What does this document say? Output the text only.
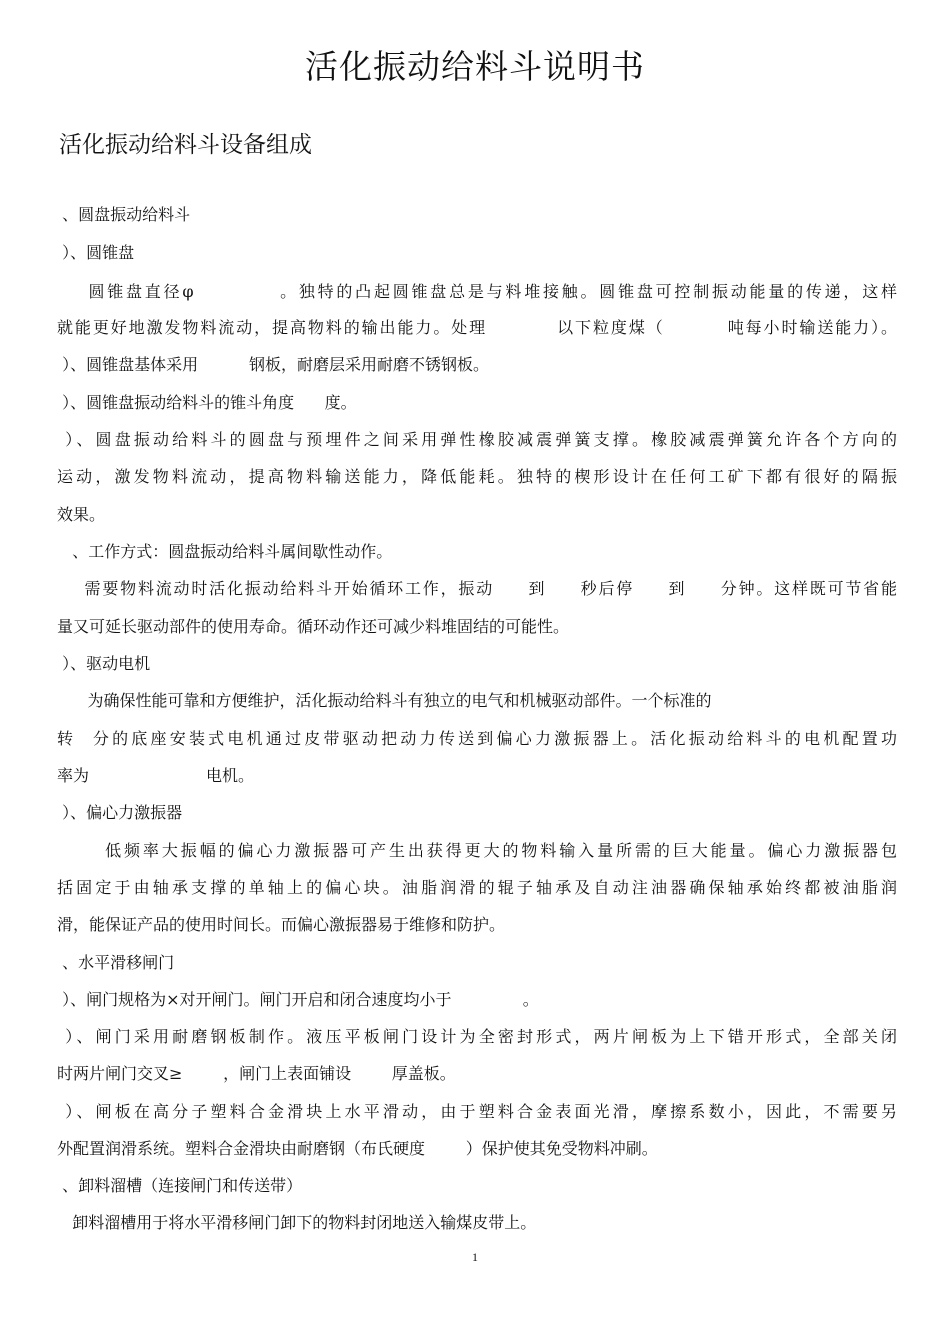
活化振动给料斗说明书
活化振动给料斗设备组成
、圆盘振动给料斗
）、圆锥盘
圆锥盘直径φ           。独特的凸起圆锥盘总是与料堆接触。圆锥盘可控制振动能量的传递，这样
就能更好地激发物料流动，提高物料的输出能力。处理          以下粒度煤（         吨每小时输送能力）。
）、圆锥盘基体采用          钢板，耐磨层采用耐磨不锈钢板。
）、圆锥盘振动给料斗的锥斗角度      度。
）、圆盘振动给料斗的圆盘与预埋件之间采用弹性橡胶减震弹簧支撑。橡胶减震弹簧允许各个方向的
运动，激发物料流动，提高物料输送能力，降低能耗。独特的楔形设计在任何工矿下都有很好的隔振
效果。
、工作方式：圆盘振动给料斗属间歇性动作。
需要物料流动时活化振动给料斗开始循环工作，振动     到     秒后停     到     分钟。这样既可节省能
量又可延长驱动部件的使用寿命。循环动作还可减少料堆固结的可能性。
）、驱动电机
为确保性能可靠和方便维护，活化振动给料斗有独立的电气和机械驱动部件。一个标准的
转  分的底座安装式电机通过皮带驱动把动力传送到偏心力激振器上。活化振动给料斗的电机配置功
率为                       电机。
）、偏心力激振器
低频率大振幅的偏心力激振器可产生出获得更大的物料输入量所需的巨大能量。偏心力激振器包
括固定于由轴承支撑的单轴上的偏心块。油脂润滑的辊子轴承及自动注油器确保轴承始终都被油脂润
滑，能保证产品的使用时间长。而偏心激振器易于维修和防护。
、水平滑移闸门
）、闸门规格为×对开闸门。闸门开启和闭合速度均小于              。
）、闸门采用耐磨钢板制作。液压平板闸门设计为全密封形式，两片闸板为上下错开形式，全部关闭
时两片闸门交叉≥        ，闸门上表面铺设        厚盖板。
）、闸板在高分子塑料合金滑块上水平滑动，由于塑料合金表面光滑，摩擦系数小，因此，不需要另
外配置润滑系统。塑料合金滑块由耐磨钢（布氏硬度        ）保护使其免受物料冲刷。
、卸料溜槽（连接闸门和传送带）
卸料溜槽用于将水平滑移闸门卸下的物料封闭地送入输煤皮带上。
1
